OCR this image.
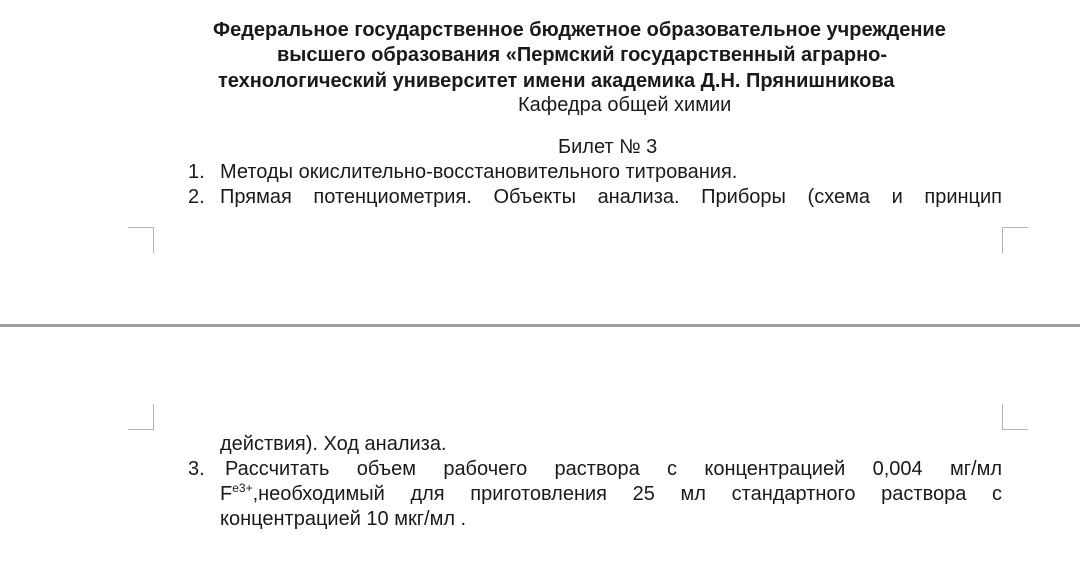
Федеральное государственное бюджетное образовательное учреждение
высшего образования «Пермский государственный аграрно-
технологический университет имени академика Д.Н. Прянишникова
Кафедра общей химии
Билет № 3
1. Методы окислительно-восстановительного титрования.
2. Прямая потенциометрия. Объекты анализа. Приборы (схема и принцип
действия). Ход анализа.
3. Рассчитать объем рабочего раствора с концентрацией 0,004 мг/мл
$F^{e3+}$ ,необходимый для приготовления 25 мл стандартного раствора с
концентрацией 10 мкг/мл .
